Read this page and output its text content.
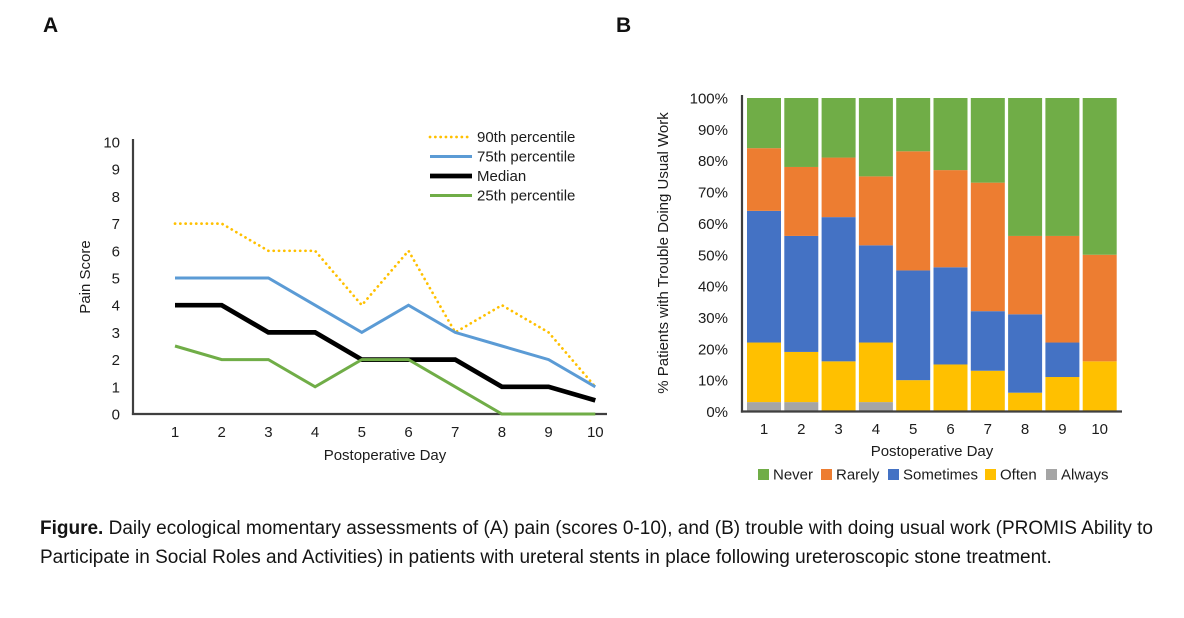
A	B
0
1
2
3
4
5
6
7
8
9
10
1	2	3	4	5	6	7	8	9 10
Pain Score
Postoperative Day
90th percentile
75th percentile
Median
25th percentile
0%
10%
20%
30%
40%
50%
60%
70%
80%
90%
100%
1 2 3 4 5 6 7 8 9 10
% Patients with Trouble Doing Usual Work
Postoperative Day
Never Rarely Sometimes Often Always
Figure. Daily ecological momentary assessments of (A) pain (scores 0-10), and (B) trouble with doing usual work (PROMIS Ability to Participate in Social Roles and Activities) in patients with ureteral stents in place following ureteroscopic stone treatment.
